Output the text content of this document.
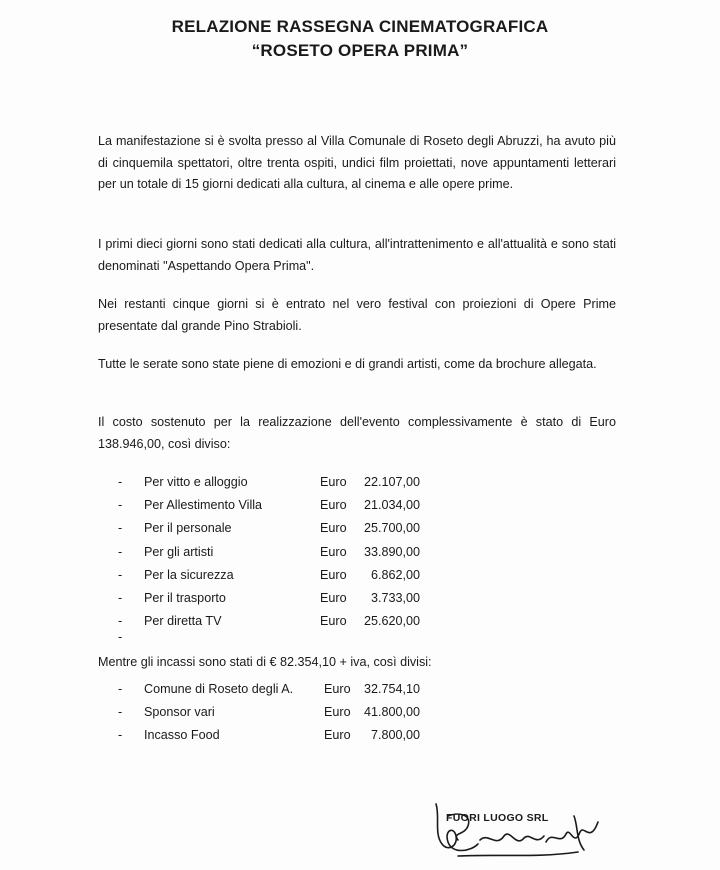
RELAZIONE RASSEGNA CINEMATOGRAFICA
“ROSETO OPERA PRIMA”
La manifestazione si è svolta presso al Villa Comunale di Roseto degli Abruzzi, ha avuto più di cinquemila spettatori, oltre trenta ospiti, undici film proiettati, nove appuntamenti letterari per un totale di 15 giorni dedicati alla cultura, al cinema e alle opere prime.
I primi dieci giorni sono stati dedicati alla cultura, all'intrattenimento e all'attualità e sono stati denominati "Aspettando Opera Prima".
Nei restanti cinque giorni si è entrato nel vero festival con proiezioni di Opere Prime presentate dal grande Pino Strabioli.
Tutte le serate sono state piene di emozioni e di grandi artisti, come da brochure allegata.
Il costo sostenuto per la realizzazione dell'evento complessivamente è stato di Euro 138.946,00, così diviso:
- Per vitto e alloggio	Euro 22.107,00
- Per Allestimento Villa	Euro 21.034,00
- Per il personale	Euro 25.700,00
- Per gli artisti	Euro 33.890,00
- Per la sicurezza	Euro 6.862,00
- Per il trasporto	Euro 3.733,00
- Per diretta TV	Euro 25.620,00
-
Mentre gli incassi sono stati di € 82.354,10 + iva, così divisi:
- Comune di Roseto degli A. Euro 32.754,10
- Sponsor vari	Euro 41.800,00
- Incasso Food	Euro 7.800,00
FUORI LUOGO SRL
